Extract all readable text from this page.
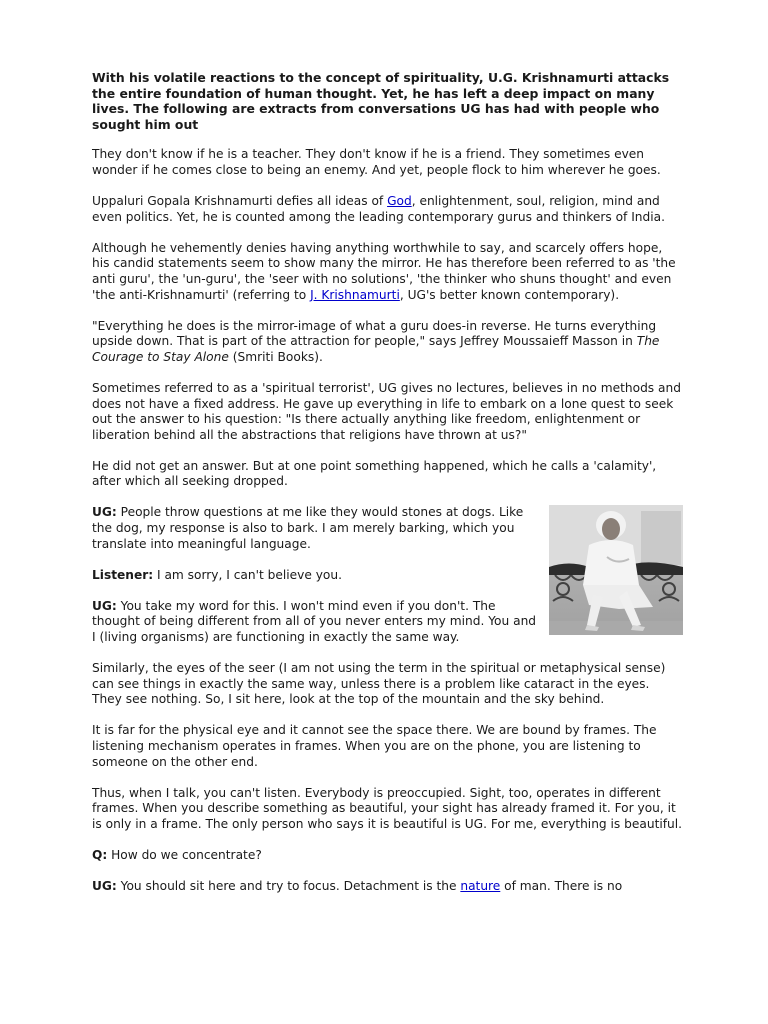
With his volatile reactions to the concept of spirituality, U.G. Krishnamurti attacks the entire foundation of human thought. Yet, he has left a deep impact on many lives. The following are extracts from conversations UG has had with people who sought him out

They don't know if he is a teacher. They don't know if he is a friend. They sometimes even wonder if he comes close to being an enemy. And yet, people flock to him wherever he goes.

Uppaluri Gopala Krishnamurti defies all ideas of God, enlightenment, soul, religion, mind and even politics. Yet, he is counted among the leading contemporary gurus and thinkers of India.

Although he vehemently denies having anything worthwhile to say, and scarcely offers hope, his candid statements seem to show many the mirror. He has therefore been referred to as 'the anti guru', the 'un-guru', the 'seer with no solutions', 'the thinker who shuns thought' and even 'the anti-Krishnamurti' (referring to J. Krishnamurti, UG's better known contemporary).

"Everything he does is the mirror-image of what a guru does-in reverse. He turns everything upside down. That is part of the attraction for people," says Jeffrey Moussaieff Masson in The Courage to Stay Alone (Smriti Books).

Sometimes referred to as a 'spiritual terrorist', UG gives no lectures, believes in no methods and does not have a fixed address. He gave up everything in life to embark on a lone quest to seek out the answer to his question: "Is there actually anything like freedom, enlightenment or liberation behind all the abstractions that religions have thrown at us?"

He did not get an answer. But at one point something happened, which he calls a 'calamity', after which all seeking dropped.

UG: People throw questions at me like they would stones at dogs. Like the dog, my response is also to bark. I am merely barking, which you translate into meaningful language.

Listener: I am sorry, I can't believe you.

UG: You take my word for this. I won't mind even if you don't. The thought of being different from all of you never enters my mind. You and I (living organisms) are functioning in exactly the same way.

Similarly, the eyes of the seer (I am not using the term in the spiritual or metaphysical sense) can see things in exactly the same way, unless there is a problem like cataract in the eyes. They see nothing. So, I sit here, look at the top of the mountain and the sky behind.

It is far for the physical eye and it cannot see the space there. We are bound by frames. The listening mechanism operates in frames. When you are on the phone, you are listening to someone on the other end.

Thus, when I talk, you can't listen. Everybody is preoccupied. Sight, too, operates in different frames. When you describe something as beautiful, your sight has already framed it. For you, it is only in a frame. The only person who says it is beautiful is UG. For me, everything is beautiful.

Q: How do we concentrate?

UG: You should sit here and try to focus. Detachment is the nature of man. There is no
